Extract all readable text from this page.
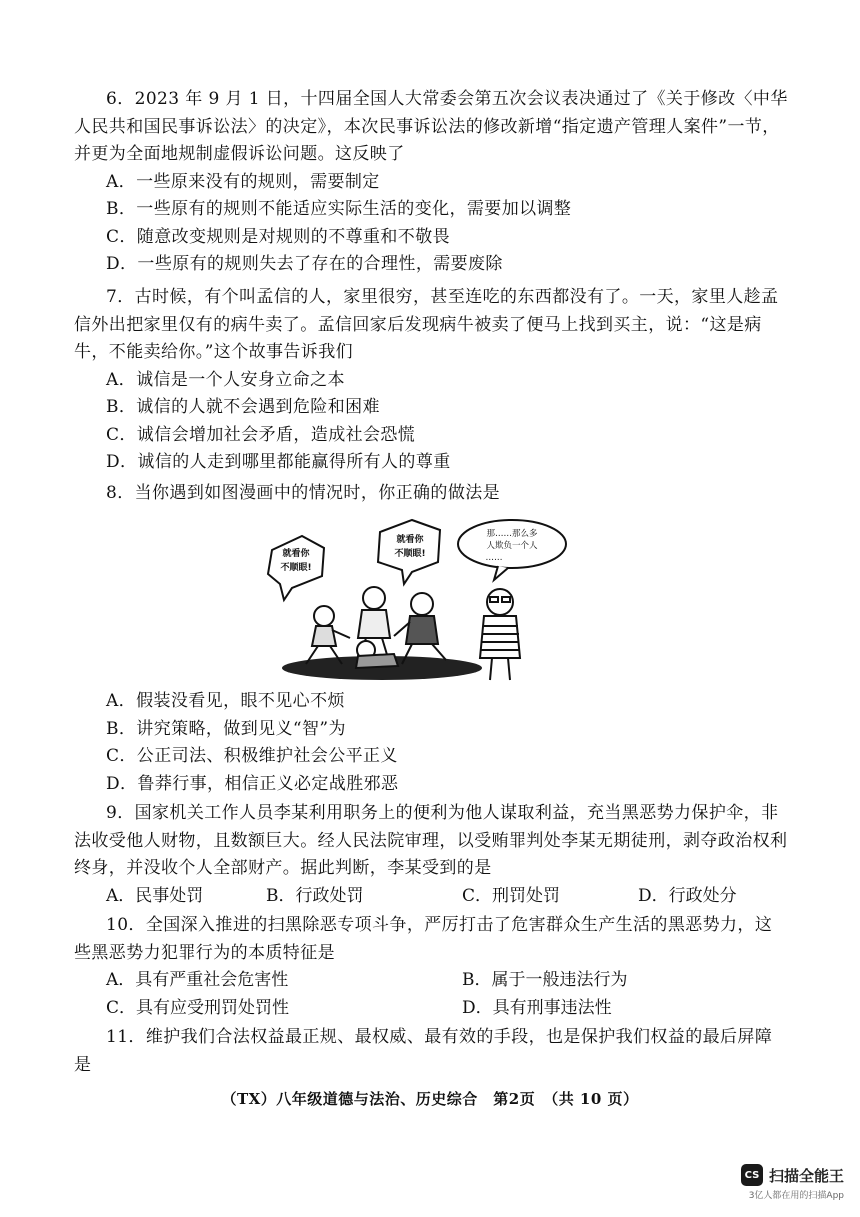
6．2023 年 9 月 1 日，十四届全国人大常委会第五次会议表决通过了《关于修改〈中华人民共和国民事诉讼法〉的决定》，本次民事诉讼法的修改新增“指定遗产管理人案件”一节，并更为全面地规制虚假诉讼问题。这反映了

A．一些原来没有的规则，需要制定

B．一些原有的规则不能适应实际生活的变化，需要加以调整

C．随意改变规则是对规则的不尊重和不敬畏

D．一些原有的规则失去了存在的合理性，需要废除

7．古时候，有个叫孟信的人，家里很穷，甚至连吃的东西都没有了。一天，家里人趁孟信外出把家里仅有的病牛卖了。孟信回家后发现病牛被卖了便马上找到买主，说：“这是病牛，不能卖给你。”这个故事告诉我们

A．诚信是一个人安身立命之本

B．诚信的人就不会遇到危险和困难

C．诚信会增加社会矛盾，造成社会恐慌

D．诚信的人走到哪里都能赢得所有人的尊重

8．当你遇到如图漫画中的情况时，你正确的做法是

就看你
不顺眼!
就看你
不顺眼!
那……那么多
人欺负一个人
……

A．假装没看见，眼不见心不烦

B．讲究策略，做到见义“智”为

C．公正司法、积极维护社会公平正义

D．鲁莽行事，相信正义必定战胜邪恶

9．国家机关工作人员李某利用职务上的便利为他人谋取利益，充当黑恶势力保护伞，非法收受他人财物，且数额巨大。经人民法院审理，以受贿罪判处李某无期徒刑，剥夺政治权利终身，并没收个人全部财产。据此判断，李某受到的是

A．民事处罚	B．行政处罚	C．刑罚处罚	D．行政处分

10．全国深入推进的扫黑除恶专项斗争，严厉打击了危害群众生产生活的黑恶势力，这些黑恶势力犯罪行为的本质特征是

A．具有严重社会危害性	B．属于一般违法行为
C．具有应受刑罚处罚性	D．具有刑事违法性

11．维护我们合法权益最正规、最权威、最有效的手段，也是保护我们权益的最后屏障是

（TX）八年级道德与法治、历史综合　第2页　（共 10 页）
CS 扫描全能王
3亿人都在用的扫描App
